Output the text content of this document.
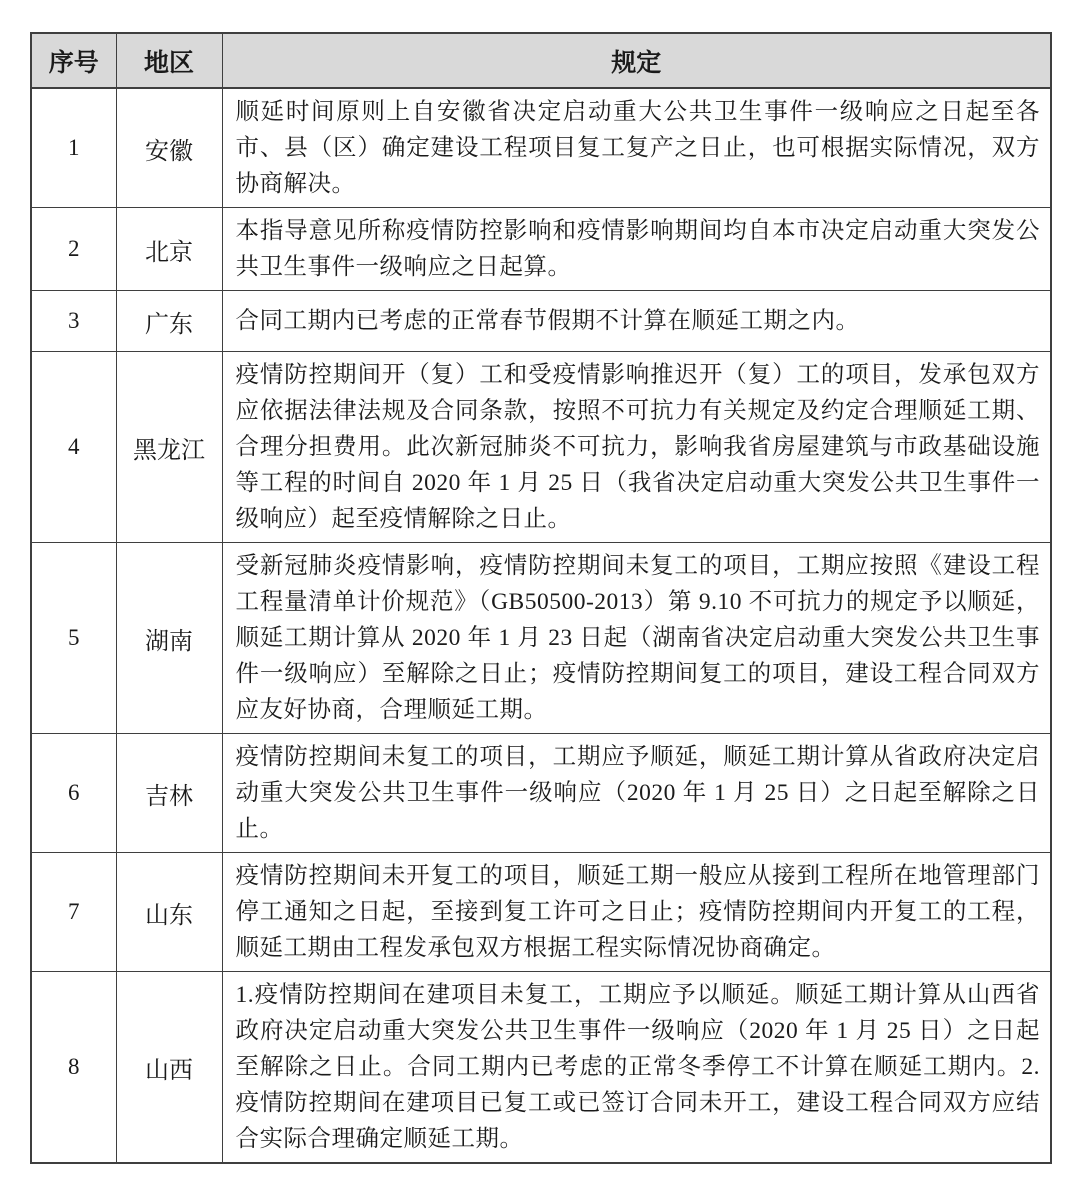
序号	地区	规定
1	安徽	顺延时间原则上自安徽省决定启动重大公共卫生事件一级响应之日起至各市、县（区）确定建设工程项目复工复产之日止，也可根据实际情况，双方协商解决。
2	北京	本指导意见所称疫情防控影响和疫情影响期间均自本市决定启动重大突发公共卫生事件一级响应之日起算。
3	广东	合同工期内已考虑的正常春节假期不计算在顺延工期之内。
4	黑龙江	疫情防控期间开（复）工和受疫情影响推迟开（复）工的项目，发承包双方应依据法律法规及合同条款，按照不可抗力有关规定及约定合理顺延工期、合理分担费用。此次新冠肺炎不可抗力，影响我省房屋建筑与市政基础设施等工程的时间自 2020 年 1 月 25 日（我省决定启动重大突发公共卫生事件一级响应）起至疫情解除之日止。
5	湖南	受新冠肺炎疫情影响，疫情防控期间未复工的项目，工期应按照《建设工程工程量清单计价规范》（GB50500-2013）第 9.10 不可抗力的规定予以顺延，顺延工期计算从 2020 年 1 月 23 日起（湖南省决定启动重大突发公共卫生事件一级响应）至解除之日止；疫情防控期间复工的项目，建设工程合同双方应友好协商，合理顺延工期。
6	吉林	疫情防控期间未复工的项目，工期应予顺延，顺延工期计算从省政府决定启动重大突发公共卫生事件一级响应（2020 年 1 月 25 日）之日起至解除之日止。
7	山东	疫情防控期间未开复工的项目，顺延工期一般应从接到工程所在地管理部门停工通知之日起，至接到复工许可之日止；疫情防控期间内开复工的工程，顺延工期由工程发承包双方根据工程实际情况协商确定。
8	山西	1.疫情防控期间在建项目未复工，工期应予以顺延。顺延工期计算从山西省政府决定启动重大突发公共卫生事件一级响应（2020 年 1 月 25 日）之日起至解除之日止。合同工期内已考虑的正常冬季停工不计算在顺延工期内。2.疫情防控期间在建项目已复工或已签订合同未开工，建设工程合同双方应结合实际合理确定顺延工期。
